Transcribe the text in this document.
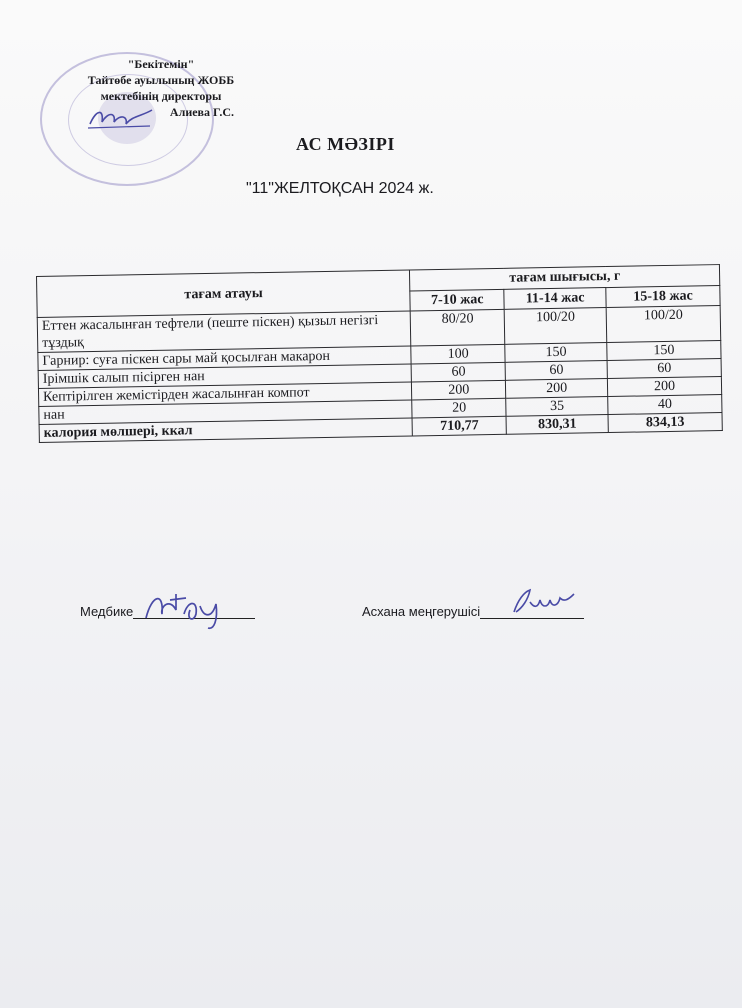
"Бекітемін"
Тайтөбе ауылының ЖОББ
мектебінің директоры
Алиева Г.С.
АС МӘЗІРІ
"11"ЖЕЛТОҚСАН 2024 ж.
тағам атауы	тағам шығысы, г		
	7-10 жас	11-14 жас	15-18 жас
Еттен жасалынған тефтели (пеште піскен) қызыл негізгі тұздық	80/20	100/20	100/20
Гарнир: суға піскен сары май қосылған макарон	100	150	150
Ірімшік салып пісірген нан	60	60	60
Кептірілген жемістірден жасалынған компот	200	200	200
нан	20	35	40
калория мөлшері, ккал	710,77	830,31	834,13
Медбике	Асхана меңгерушісі
